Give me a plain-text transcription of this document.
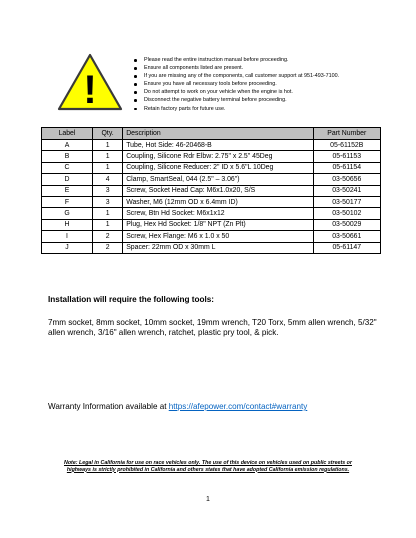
!
Please read the entire instruction manual before proceeding.
Ensure all components listed are present.
If you are missing any of the components, call customer support at 951-493-7100.
Ensure you have all necessary tools before proceeding.
Do not attempt to work on your vehicle when the engine is hot.
Disconnect the negative battery terminal before proceeding.
Retain factory parts for future use.
Label	Qty.	Description	Part Number
A	1	Tube, Hot Side: 46-20468-B	05-61152B
B	1	Coupling, Silicone Rdr Elbw: 2.75" x 2.5" 45Deg	05-61153
C	1	Coupling, Silicone Reducer: 2" ID x 5.6"L 10Deg	05-61154
D	4	Clamp, SmartSeal, 044 (2.5" – 3.06")	03-50656
E	3	Screw, Socket Head Cap: M6x1.0x20, S/S	03-50241
F	3	Washer, M6 (12mm OD x 6.4mm ID)	03-50177
G	1	Screw, Btn Hd Socket: M6x1x12	03-50102
H	1	Plug, Hex Hd Socket: 1/8" NPT (Zn Plt)	03-50029
I	2	Screw, Hex Flange: M6 x 1.0 x 50	03-50661
J	2	Spacer: 22mm OD x 30mm L	05-61147

Installation will require the following tools:

7mm socket, 8mm socket, 10mm socket, 19mm wrench, T20 Torx, 5mm allen wrench, 5/32" allen wrench, 3/16" allen wrench, ratchet, plastic pry tool, & pick.

Warranty Information available at https://afepower.com/contact#warranty

Note: Legal in California for use on race vehicles only. The use of this device on vehicles used on public streets or highways is strictly prohibited in California and others states that have adopted California emission regulations.

1
